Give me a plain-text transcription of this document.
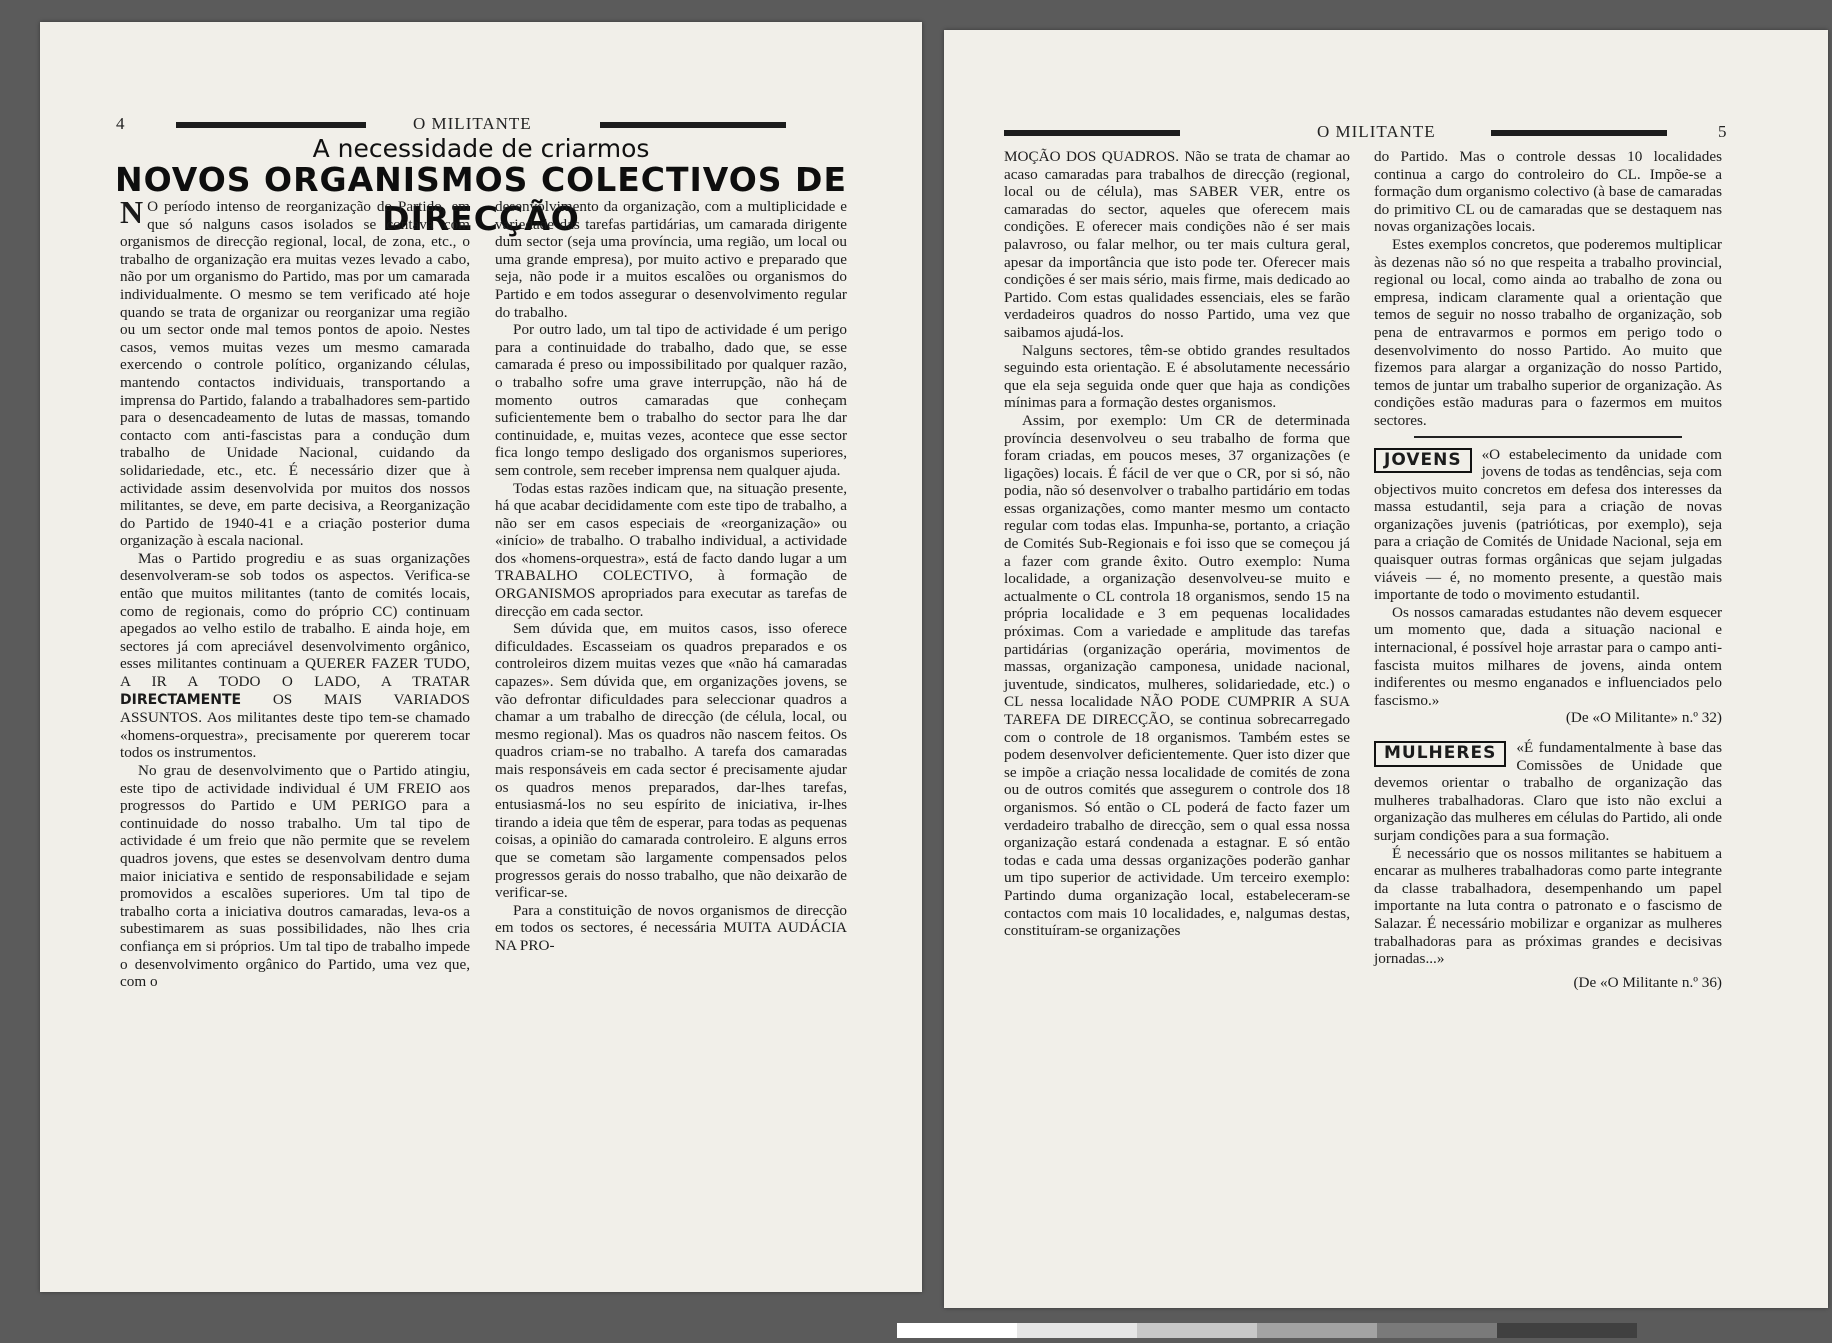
4	O MILITANTE
A necessidade de criarmos
NOVOS ORGANISMOS COLECTIVOS DE DIRECÇÃO

N O período intenso de reorganização do Partido, em que só nalguns casos isolados se contava com organismos de direcção regional, local, de zona, etc., o trabalho de organização era muitas vezes levado a cabo, não por um organismo do Partido, mas por um camarada individualmente. O mesmo se tem verificado até hoje quando se trata de organizar ou reorganizar uma região ou um sector onde mal temos pontos de apoio. Nestes casos, vemos muitas vezes um mesmo camarada exercendo o controle político, organizando células, mantendo contactos individuais, transportando a imprensa do Partido, falando a trabalhadores sem-partido para o desencadeamento de lutas de massas, tomando contacto com anti-fascistas para a condução dum trabalho de Unidade Nacional, cuidando da solidariedade, etc., etc. É necessário dizer que à actividade assim desenvolvida por muitos dos nossos militantes, se deve, em parte decisiva, a Reorganização do Partido de 1940-41 e a criação posterior duma organização à escala nacional.

Mas o Partido progrediu e as suas organizações desenvolveram-se sob todos os aspectos. Verifica-se então que muitos militantes (tanto de comités locais, como de regionais, como do próprio CC) continuam apegados ao velho estilo de trabalho. E ainda hoje, em sectores já com apreciável desenvolvimento orgânico, esses militantes continuam a QUERER FAZER TUDO, A IR A TODO O LADO, A TRATAR DIRECTAMENTE OS MAIS VARIADOS ASSUNTOS. Aos militantes deste tipo tem-se chamado «homens-orquestra», precisamente por quererem tocar todos os instrumentos.

No grau de desenvolvimento que o Partido atingiu, este tipo de actividade individual é UM FREIO aos progressos do Partido e UM PERIGO para a continuidade do nosso trabalho. Um tal tipo de actividade é um freio que não permite que se revelem quadros jovens, que estes se desenvolvam dentro duma maior iniciativa e sentido de responsabilidade e sejam promovidos a escalões superiores. Um tal tipo de trabalho corta a iniciativa doutros camaradas, leva-os a subestimarem as suas possibilidades, não lhes cria confiança em si próprios. Um tal tipo de trabalho impede o desenvolvimento orgânico do Partido, uma vez que, com o

desenvolvimento da organização, com a multiplicidade e variedade das tarefas partidárias, um camarada dirigente dum sector (seja uma província, uma região, um local ou uma grande empresa), por muito activo e preparado que seja, não pode ir a muitos escalões ou organismos do Partido e em todos assegurar o desenvolvimento regular do trabalho.

Por outro lado, um tal tipo de actividade é um perigo para a continuidade do trabalho, dado que, se esse camarada é preso ou impossibilitado por qualquer razão, o trabalho sofre uma grave interrupção, não há de momento outros camaradas que conheçam suficientemente bem o trabalho do sector para lhe dar continuidade, e, muitas vezes, acontece que esse sector fica longo tempo desligado dos organismos superiores, sem controle, sem receber imprensa nem qualquer ajuda.

Todas estas razões indicam que, na situação presente, há que acabar decididamente com este tipo de trabalho, a não ser em casos especiais de «reorganização» ou «início» de trabalho. O trabalho individual, a actividade dos «homens-orquestra», está de facto dando lugar a um TRABALHO COLECTIVO, à formação de ORGANISMOS apropriados para executar as tarefas de direcção em cada sector.

Sem dúvida que, em muitos casos, isso oferece dificuldades. Escasseiam os quadros preparados e os controleiros dizem muitas vezes que «não há camaradas capazes». Sem dúvida que, em organizações jovens, se vão defrontar dificuldades para seleccionar quadros a chamar a um trabalho de direcção (de célula, local, ou mesmo regional). Mas os quadros não nascem feitos. Os quadros criam-se no trabalho. A tarefa dos camaradas mais responsáveis em cada sector é precisamente ajudar os quadros menos preparados, dar-lhes tarefas, entusiasmá-los no seu espírito de iniciativa, ir-lhes tirando a ideia que têm de esperar, para todas as pequenas coisas, a opinião do camarada controleiro. E alguns erros que se cometam são largamente compensados pelos progressos gerais do nosso trabalho, que não deixarão de verificar-se.

Para a constituição de novos organismos de direcção em todos os sectores, é necessária MUITA AUDÁCIA NA PRO-

O MILITANTE	5

MOÇÃO DOS QUADROS. Não se trata de chamar ao acaso camaradas para trabalhos de direcção (regional, local ou de célula), mas SABER VER, entre os camaradas do sector, aqueles que oferecem mais condições. E oferecer mais condições não é ser mais palavroso, ou falar melhor, ou ter mais cultura geral, apesar da importância que isto pode ter. Oferecer mais condições é ser mais sério, mais firme, mais dedicado ao Partido. Com estas qualidades essenciais, eles se farão verdadeiros quadros do nosso Partido, uma vez que saibamos ajudá-los.

Nalguns sectores, têm-se obtido grandes resultados seguindo esta orientação. E é absolutamente necessário que ela seja seguida onde quer que haja as condições mínimas para a formação destes organismos.

Assim, por exemplo: Um CR de determinada província desenvolveu o seu trabalho de forma que foram criadas, em poucos meses, 37 organizações (e ligações) locais. É fácil de ver que o CR, por si só, não podia, não só desenvolver o trabalho partidário em todas essas organizações, como manter mesmo um contacto regular com todas elas. Impunha-se, portanto, a criação de Comités Sub-Regionais e foi isso que se começou já a fazer com grande êxito. Outro exemplo: Numa localidade, a organização desenvolveu-se muito e actualmente o CL controla 18 organismos, sendo 15 na própria localidade e 3 em pequenas localidades próximas. Com a variedade e amplitude das tarefas partidárias (organização operária, movimentos de massas, organização camponesa, unidade nacional, juventude, sindicatos, mulheres, solidariedade, etc.) o CL nessa localidade NÃO PODE CUMPRIR A SUA TAREFA DE DIRECÇÃO, se continua sobrecarregado com o controle de 18 organismos. Também estes se podem desenvolver deficientemente. Quer isto dizer que se impõe a criação nessa localidade de comités de zona ou de outros comités que assegurem o controle dos 18 organismos. Só então o CL poderá de facto fazer um verdadeiro trabalho de direcção, sem o qual essa nossa organização estará condenada a estagnar. E só então todas e cada uma dessas organizações poderão ganhar um tipo superior de actividade. Um terceiro exemplo: Partindo duma organização local, estabeleceram-se contactos com mais 10 localidades, e, nalgumas destas, constituíram-se organizações

do Partido. Mas o controle dessas 10 localidades continua a cargo do controleiro do CL. Impõe-se a formação dum organismo colectivo (à base de camaradas do primitivo CL ou de camaradas que se destaquem nas novas organizações locais.

Estes exemplos concretos, que poderemos multiplicar às dezenas não só no que respeita a trabalho provincial, regional ou local, como ainda ao trabalho de zona ou empresa, indicam claramente qual a orientação que temos de seguir no nosso trabalho de organização, sob pena de entravarmos e pormos em perigo todo o desenvolvimento do nosso Partido. Ao muito que fizemos para alargar a organização do nosso Partido, temos de juntar um trabalho superior de organização. As condições estão maduras para o fazermos em muitos sectores.

JOVENS	«O estabelecimento da unidade com jovens de todas as tendências, seja com objectivos muito concretos em defesa dos interesses da massa estudantil, seja para a criação de novas organizações juvenis (patrióticas, por exemplo), seja para a criação de Comités de Unidade Nacional, seja em quaisquer outras formas orgânicas que sejam julgadas viáveis — é, no momento presente, a questão mais importante de todo o movimento estudantil.

Os nossos camaradas estudantes não devem esquecer um momento que, dada a situação nacional e internacional, é possível hoje arrastar para o campo anti-fascista muitos milhares de jovens, ainda ontem indiferentes ou mesmo enganados e influenciados pelo fascismo.»

(De «O Militante» n.º 32)

MULHERES	«É fundamentalmente à base das Comissões de Unidade que devemos orientar o trabalho de organização das mulheres trabalhadoras. Claro que isto não exclui a organização das mulheres em células do Partido, ali onde surjam condições para a sua formação.

É necessário que os nossos militantes se habituem a encarar as mulheres trabalhadoras como parte integrante da classe trabalhadora, desempenhando um papel importante na luta contra o patronato e o fascismo de Salazar. É necessário mobilizar e organizar as mulheres trabalhadoras para as próximas grandes e decisivas jornadas...»

(De «O Militante n.º 36)
